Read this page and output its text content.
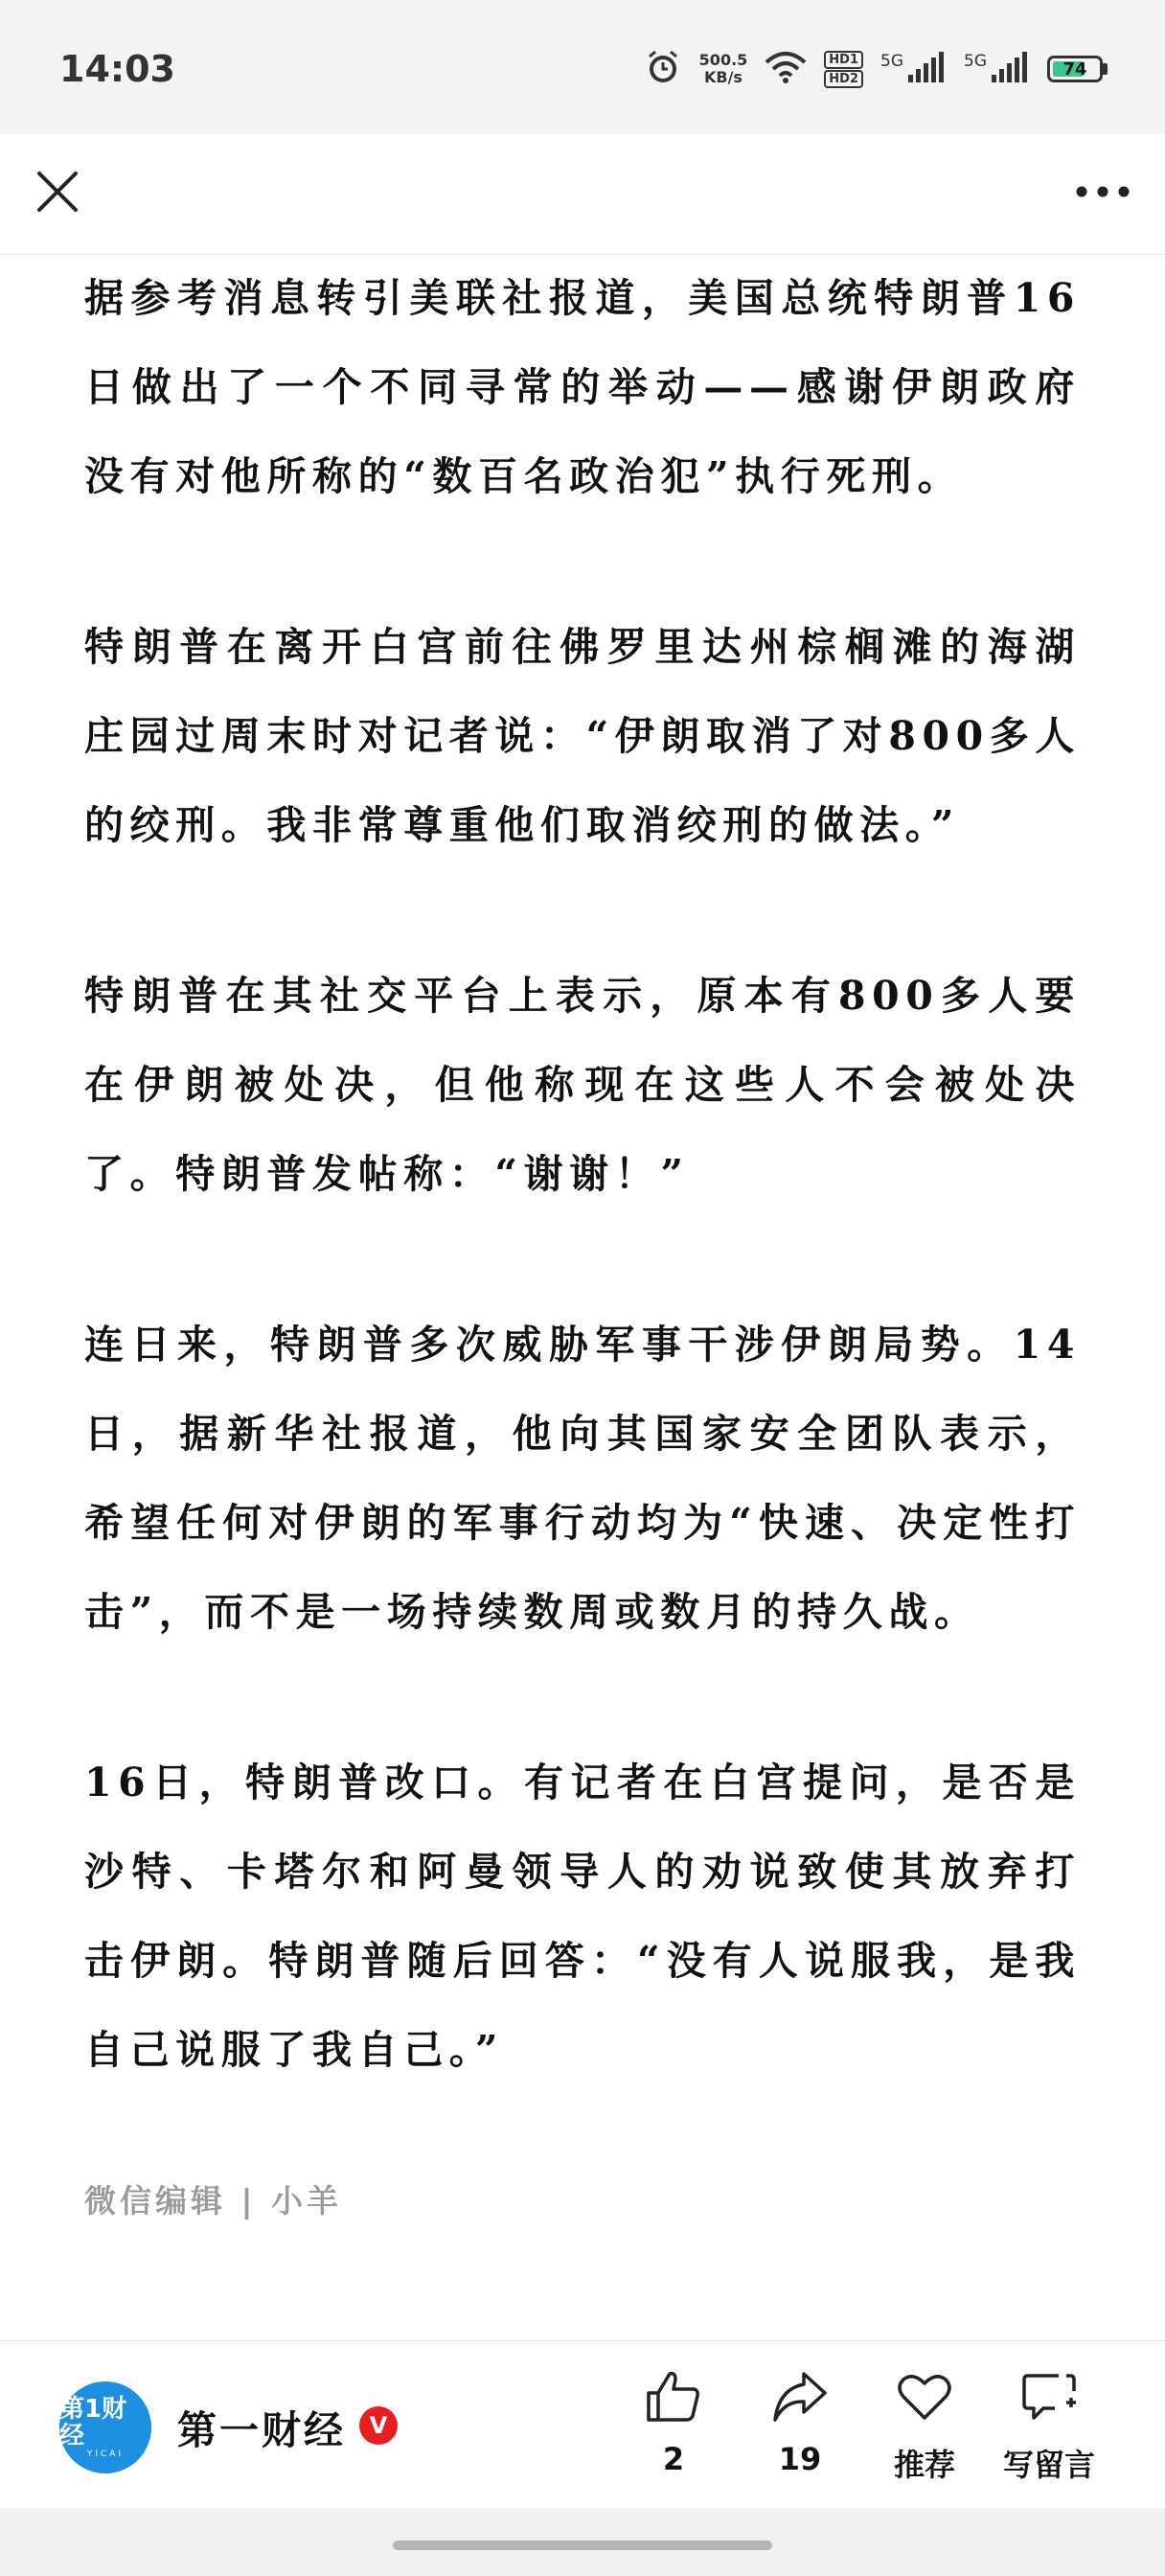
14:03	500.5
KB/s
HD1
HD2
5G	5G	74

据参考消息转引美联社报道，美国总统特朗普16日做出了一个不同寻常的举动——感谢伊朗政府没有对他所称的“数百名政治犯”执行死刑。

特朗普在离开白宫前往佛罗里达州棕榈滩的海湖庄园过周末时对记者说：“伊朗取消了对800多人的绞刑。我非常尊重他们取消绞刑的做法。”

特朗普在其社交平台上表示，原本有800多人要在伊朗被处决，但他称现在这些人不会被处决了。特朗普发帖称：“谢谢！”

连日来，特朗普多次威胁军事干涉伊朗局势。14日，据新华社报道，他向其国家安全团队表示，希望任何对伊朗的军事行动均为“快速、决定性打击”，而不是一场持续数周或数月的持久战。

16日，特朗普改口。有记者在白宫提问，是否是沙特、卡塔尔和阿曼领导人的劝说致使其放弃打击伊朗。特朗普随后回答：“没有人说服我，是我自己说服了我自己。”

微信编辑 | 小羊
第1财经
YICAI
第一财经	V
2	19 推荐 写留言
